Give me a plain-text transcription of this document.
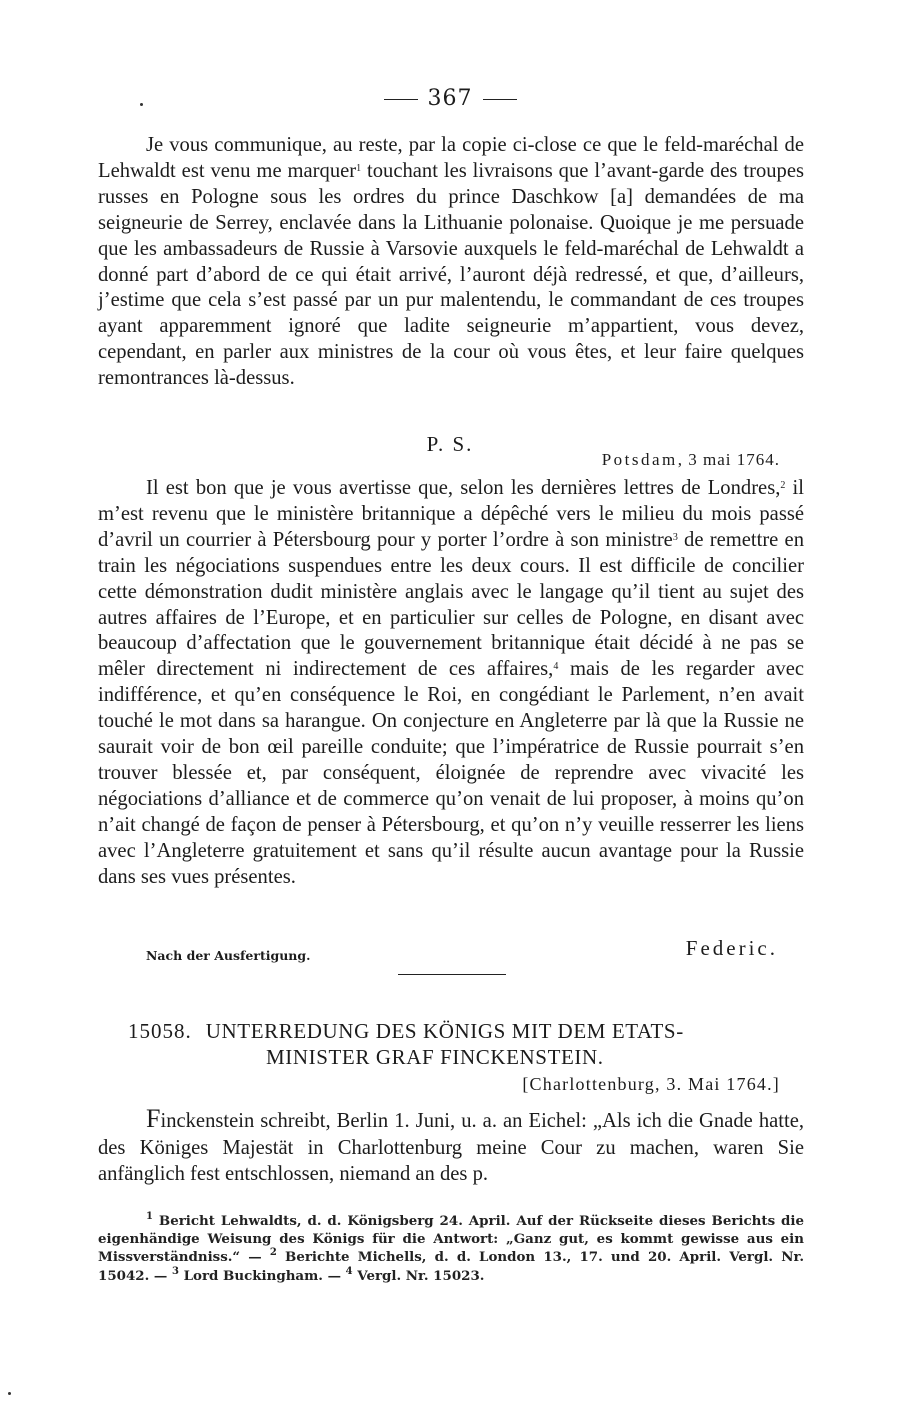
367
Je vous communique, au reste, par la copie ci-close ce que le feld-maréchal de Lehwaldt est venu me marquer$^1$ touchant les livraisons que l’avant-garde des troupes russes en Pologne sous les ordres du prince Daschkow [a] demandées de ma seigneurie de Serrey, enclavée dans la Lithuanie polonaise. Quoique je me persuade que les ambassadeurs de Russie à Varsovie auxquels le feld-maréchal de Lehwaldt a donné part d’abord de ce qui était arrivé, l’auront déjà redressé, et que, d’ailleurs, j’estime que cela s’est passé par un pur malentendu, le commandant de ces troupes ayant apparemment ignoré que ladite seigneurie m’appartient, vous devez, cependant, en parler aux ministres de la cour où vous êtes, et leur faire quelques remontrances là-dessus.
P. S.
Potsdam, 3 mai 1764.
Il est bon que je vous avertisse que, selon les dernières lettres de Londres,$^2$ il m’est revenu que le ministère britannique a dépêché vers le milieu du mois passé d’avril un courrier à Pétersbourg pour y porter l’ordre à son ministre$^3$ de remettre en train les négociations suspendues entre les deux cours. Il est difficile de concilier cette démonstration dudit ministère anglais avec le langage qu’il tient au sujet des autres affaires de l’Europe, et en particulier sur celles de Pologne, en disant avec beaucoup d’affectation que le gouvernement britannique était décidé à ne pas se mêler directement ni indirectement de ces affaires,$^4$ mais de les regarder avec indifférence, et qu’en conséquence le Roi, en congédiant le Parlement, n’en avait touché le mot dans sa harangue. On conjecture en Angleterre par là que la Russie ne saurait voir de bon œil pareille conduite; que l’impératrice de Russie pourrait s’en trouver blessée et, par conséquent, éloignée de reprendre avec vivacité les négociations d’alliance et de commerce qu’on venait de lui proposer, à moins qu’on n’ait changé de façon de penser à Pétersbourg, et qu’on n’y veuille resserrer les liens avec l’Angleterre gratuitement et sans qu’il résulte aucun avantage pour la Russie dans ses vues présentes.
Nach der Ausfertigung.	Federic.
15058. UNTERREDUNG DES KÖNIGS MIT DEM ETATS-
MINISTER GRAF FINCKENSTEIN.
[Charlottenburg, 3. Mai 1764.]
Finckenstein schreibt, Berlin 1. Juni, u. a. an Eichel: „Als ich die Gnade hatte, des Königes Majestät in Charlottenburg meine Cour zu machen, waren Sie anfänglich fest entschlossen, niemand an des p.
$^1$ Bericht Lehwaldts, d. d. Königsberg 24. April. Auf der Rückseite dieses Berichts die eigenhändige Weisung des Königs für die Antwort: „Ganz gut, es kommt gewisse aus ein Missverständniss.“ — $^2$ Berichte Michells, d. d. London 13., 17. und 20. April. Vergl. Nr. 15042. — $^3$ Lord Buckingham. — $^4$ Vergl. Nr. 15023.
